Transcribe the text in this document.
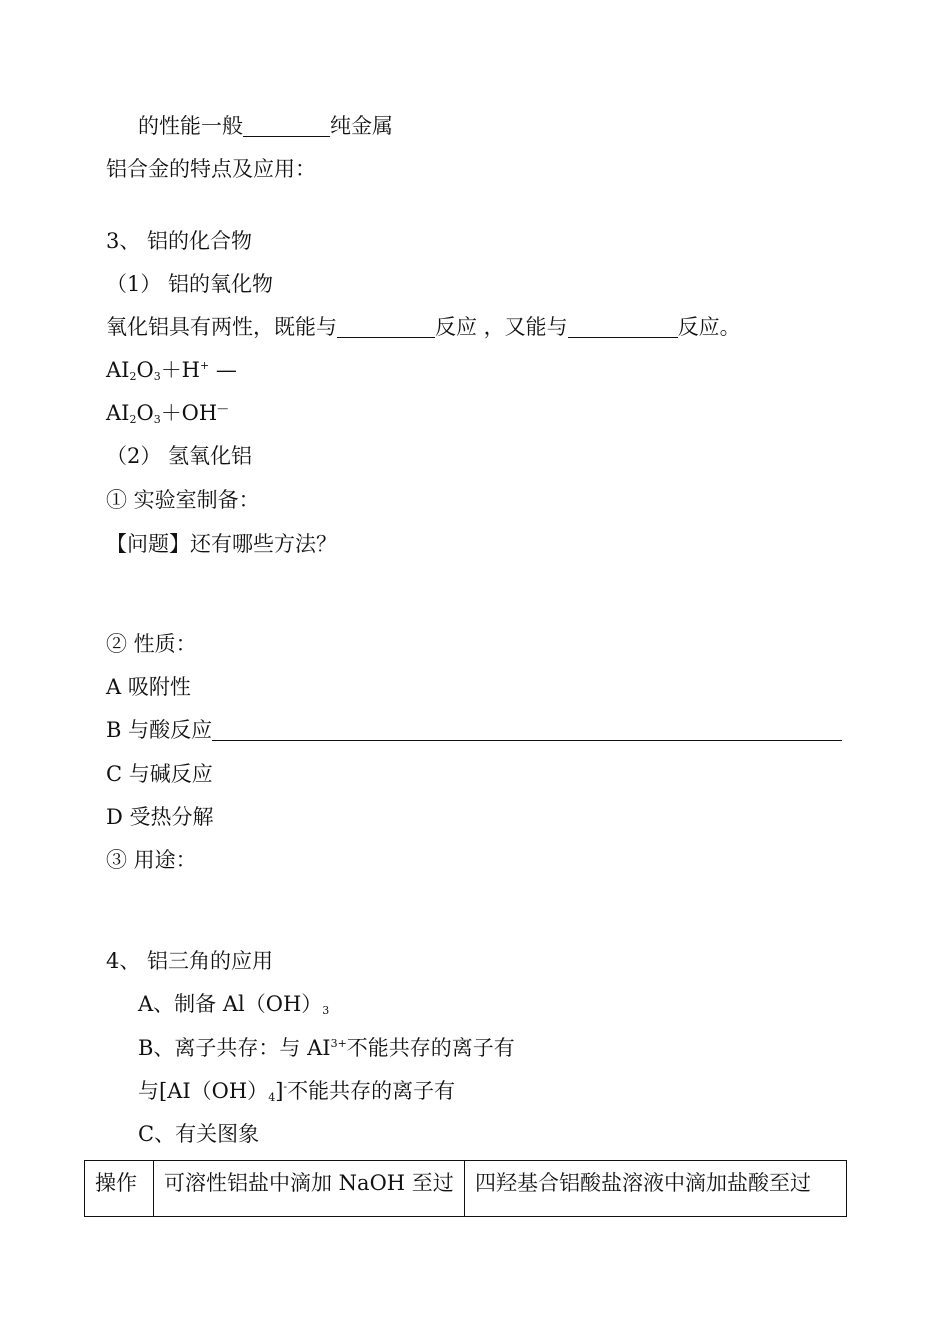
的性能一般	纯金属
铝合金的特点及应用：
3、 铝的化合物
（1） 铝的氧化物
氧化铝具有两性，既能与	反应 ，又能与	反应。
$AI_2O_3+H^+$ —
$AI_2O_3+OH^—$
（2） 氢氧化铝
① 实验室制备：
【问题】还有哪些方法？
② 性质：
A 吸附性
B 与酸反应
C 与碱反应
D 受热分解
③ 用途：
4、 铝三角的应用
A、制备 $Al(OH)_3$
B、离子共存：与 $AI^{3+}$不能共存的离子有
与$[AI(OH)_4]^-$不能共存的离子有
C、有关图象
操作	可溶性铝盐中滴加 NaOH 至过	四羟基合铝酸盐溶液中滴加盐酸至过
